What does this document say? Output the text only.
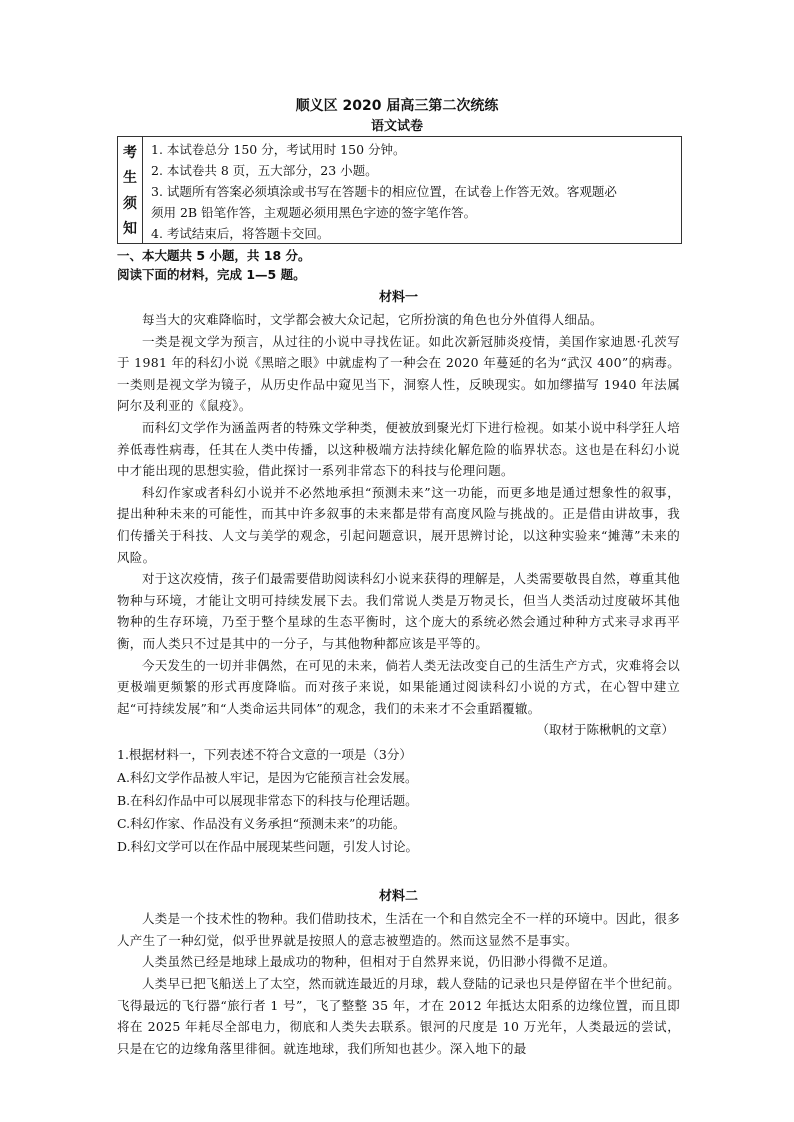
顺义区 2020 届高三第二次统练
语文试卷
考
生
须
知

1. 本试卷总分 150 分，考试用时 150 分钟。

2. 本试卷共 8 页，五大部分，23 小题。

3. 试题所有答案必须填涂或书写在答题卡的相应位置，在试卷上作答无效。客观题必

须用 2B 铅笔作答，主观题必须用黑色字迹的签字笔作答。

4. 考试结束后，将答题卡交回。

一、本大题共 5 小题，共 18 分。

阅读下面的材料，完成 1—5 题。

材料一

每当大的灾难降临时，文学都会被大众记起，它所扮演的角色也分外值得人细品。

一类是视文学为预言，从过往的小说中寻找佐证。如此次新冠肺炎疫情，美国作家迪恩·孔茨写于 1981 年的科幻小说《黑暗之眼》中就虚构了一种会在 2020 年蔓延的名为“武汉 400”的病毒。一类则是视文学为镜子，从历史作品中窥见当下，洞察人性，反映现实。如加缪描写 1940 年法属阿尔及利亚的《鼠疫》。

而科幻文学作为涵盖两者的特殊文学种类，便被放到聚光灯下进行检视。如某小说中科学狂人培养低毒性病毒，任其在人类中传播，以这种极端方法持续化解危险的临界状态。这也是在科幻小说中才能出现的思想实验，借此探讨一系列非常态下的科技与伦理问题。

科幻作家或者科幻小说并不必然地承担“预测未来”这一功能，而更多地是通过想象性的叙事，提出种种未来的可能性，而其中许多叙事的未来都是带有高度风险与挑战的。正是借由讲故事，我们传播关于科技、人文与美学的观念，引起问题意识，展开思辨讨论，以这种实验来“摊薄”未来的风险。

对于这次疫情，孩子们最需要借助阅读科幻小说来获得的理解是，人类需要敬畏自然，尊重其他物种与环境，才能让文明可持续发展下去。我们常说人类是万物灵长，但当人类活动过度破坏其他物种的生存环境，乃至于整个星球的生态平衡时，这个庞大的系统必然会通过种种方式来寻求再平衡，而人类只不过是其中的一分子，与其他物种都应该是平等的。

今天发生的一切并非偶然，在可见的未来，倘若人类无法改变自己的生活生产方式，灾难将会以更极端更频繁的形式再度降临。而对孩子来说，如果能通过阅读科幻小说的方式，在心智中建立起“可持续发展”和“人类命运共同体”的观念，我们的未来才不会重蹈覆辙。

（取材于陈楸帆的文章）

1.根据材料一，下列表述不符合文意的一项是（3分）

A.科幻文学作品被人牢记，是因为它能预言社会发展。

B.在科幻作品中可以展现非常态下的科技与伦理话题。

C.科幻作家、作品没有义务承担“预测未来”的功能。

D.科幻文学可以在作品中展现某些问题，引发人讨论。

材料二

人类是一个技术性的物种。我们借助技术，生活在一个和自然完全不一样的环境中。因此，很多人产生了一种幻觉，似乎世界就是按照人的意志被塑造的。然而这显然不是事实。

人类虽然已经是地球上最成功的物种，但相对于自然界来说，仍旧渺小得微不足道。

人类早已把飞船送上了太空，然而就连最近的月球，载人登陆的记录也只是停留在半个世纪前。飞得最远的飞行器“旅行者 1 号”，飞了整整 35 年，才在 2012 年抵达太阳系的边缘位置，而且即将在 2025 年耗尽全部电力，彻底和人类失去联系。银河的尺度是 10 万光年，人类最远的尝试，只是在它的边缘角落里徘徊。就连地球，我们所知也甚少。深入地下的最
